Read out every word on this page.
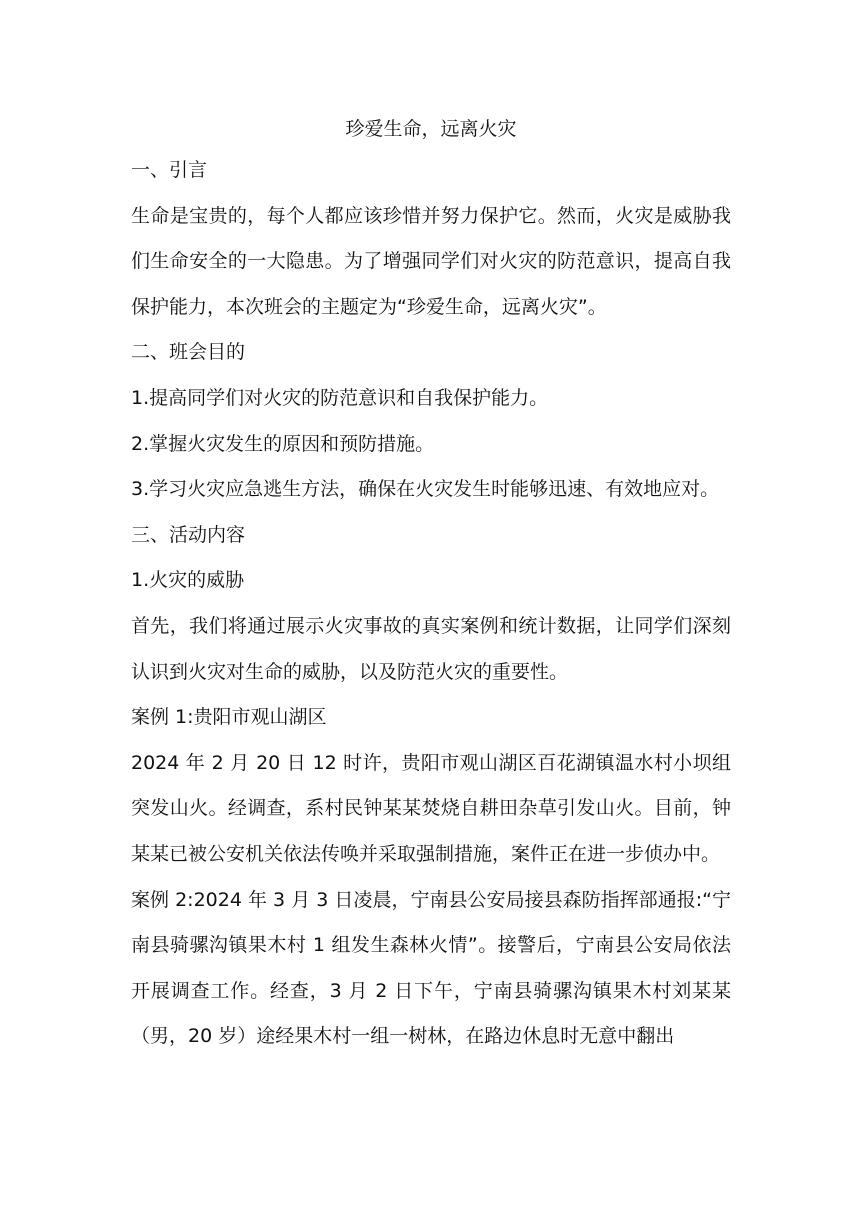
珍爱生命，远离火灾

一、引言

生命是宝贵的，每个人都应该珍惜并努力保护它。然而，火灾是威胁我们生命安全的一大隐患。为了增强同学们对火灾的防范意识，提高自我保护能力，本次班会的主题定为“珍爱生命，远离火灾”。

二、班会目的

1.提高同学们对火灾的防范意识和自我保护能力。

2.掌握火灾发生的原因和预防措施。

3.学习火灾应急逃生方法，确保在火灾发生时能够迅速、有效地应对。

三、活动内容

1.火灾的威胁

首先，我们将通过展示火灾事故的真实案例和统计数据，让同学们深刻认识到火灾对生命的威胁，以及防范火灾的重要性。

案例 1:贵阳市观山湖区

2024 年 2 月 20 日 12 时许，贵阳市观山湖区百花湖镇温水村小坝组突发山火。经调查，系村民钟某某焚烧自耕田杂草引发山火。目前，钟某某已被公安机关依法传唤并采取强制措施，案件正在进一步侦办中。

案例 2:2024 年 3 月 3 日凌晨，宁南县公安局接县森防指挥部通报:“宁南县骑骡沟镇果木村 1 组发生森林火情”。接警后，宁南县公安局依法开展调查工作。经查，3 月 2 日下午，宁南县骑骡沟镇果木村刘某某（男，20 岁）途经果木村一组一树林，在路边休息时无意中翻出
